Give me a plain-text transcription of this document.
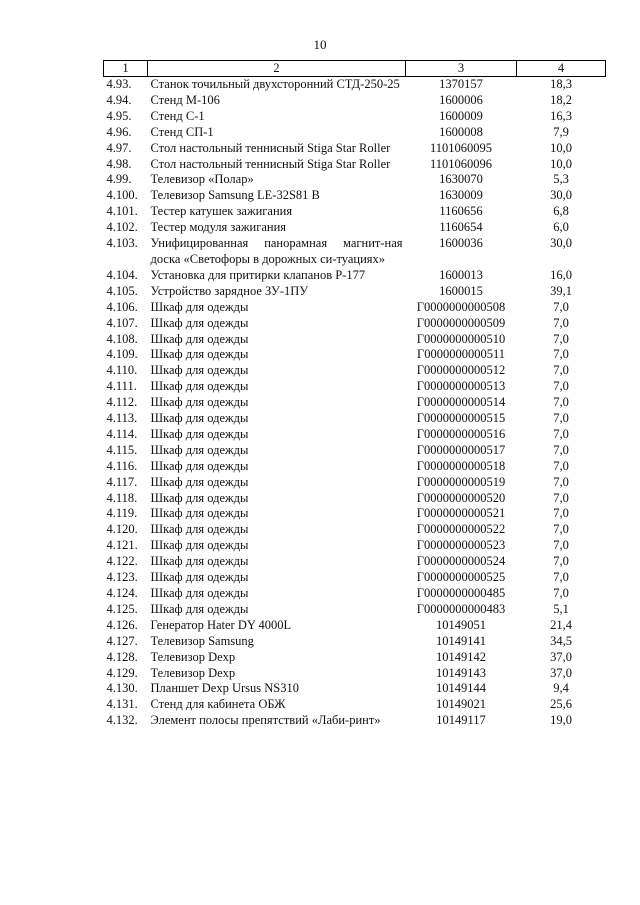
10
1	2	3	4
4.93.	Станок точильный двухсторонний СТД-250-25	1370157	18,3
4.94.	Стенд М-106	1600006	18,2
4.95.	Стенд С-1	1600009	16,3
4.96.	Стенд СП-1	1600008	7,9
4.97.	Стол настольный теннисный Stiga Star Roller	1101060095	10,0
4.98.	Стол настольный теннисный Stiga Star Roller	1101060096	10,0
4.99.	Телевизор «Полар»	1630070	5,3
4.100.	Телевизор Samsung LE-32S81 B	1630009	30,0
4.101.	Тестер катушек зажигания	1160656	6,8
4.102.	Тестер модуля зажигания	1160654	6,0
4.103.	Унифицированная панорамная магнит-ная доска «Светофоры в дорожных си-туациях»	1600036	30,0
4.104.	Установка для притирки клапанов Р-177	1600013	16,0
4.105.	Устройство зарядное ЗУ-1ПУ	1600015	39,1
4.106.	Шкаф для одежды	Г0000000000508	7,0
4.107.	Шкаф для одежды	Г0000000000509	7,0
4.108.	Шкаф для одежды	Г0000000000510	7,0
4.109.	Шкаф для одежды	Г0000000000511	7,0
4.110.	Шкаф для одежды	Г0000000000512	7,0
4.111.	Шкаф для одежды	Г0000000000513	7,0
4.112.	Шкаф для одежды	Г0000000000514	7,0
4.113.	Шкаф для одежды	Г0000000000515	7,0
4.114.	Шкаф для одежды	Г0000000000516	7,0
4.115.	Шкаф для одежды	Г0000000000517	7,0
4.116.	Шкаф для одежды	Г0000000000518	7,0
4.117.	Шкаф для одежды	Г0000000000519	7,0
4.118.	Шкаф для одежды	Г0000000000520	7,0
4.119.	Шкаф для одежды	Г0000000000521	7,0
4.120.	Шкаф для одежды	Г0000000000522	7,0
4.121.	Шкаф для одежды	Г0000000000523	7,0
4.122.	Шкаф для одежды	Г0000000000524	7,0
4.123.	Шкаф для одежды	Г0000000000525	7,0
4.124.	Шкаф для одежды	Г0000000000485	7,0
4.125.	Шкаф для одежды	Г0000000000483	5,1
4.126.	Генератор Hater DY 4000L	10149051	21,4
4.127.	Телевизор Samsung	10149141	34,5
4.128.	Телевизор Dexp	10149142	37,0
4.129.	Телевизор Dexp	10149143	37,0
4.130.	Планшет Dexp Ursus NS310	10149144	9,4
4.131.	Стенд для кабинета ОБЖ	10149021	25,6
4.132.	Элемент полосы препятствий «Лаби-ринт»	10149117	19,0
